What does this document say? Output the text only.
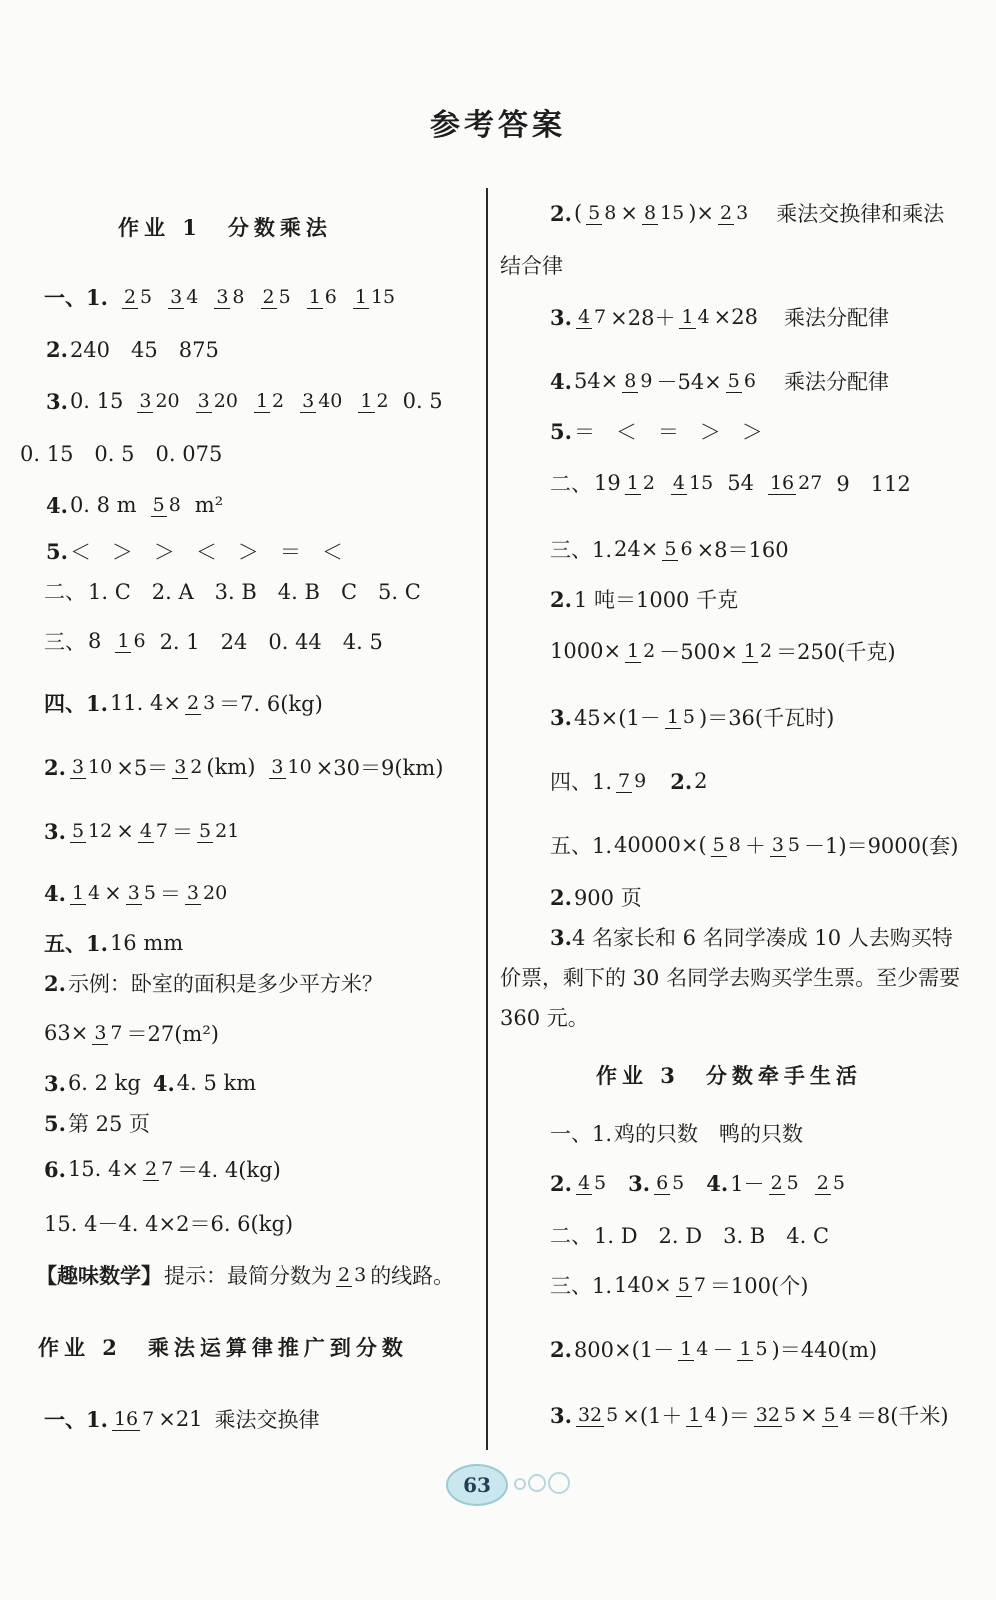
参考答案
作业 1　分数乘法
一、1. 2 5 3 4 3 8 2 5 1 6 1 15
2. 240　45　875
3. 0. 15 3 20 3 20 1 2 3 40 1 2 0. 5
0. 15　0. 5　0. 075
4. 0. 8 m 5 8 m²
5. ＜　＞　＞　＜　＞　＝　＜
二、 1. C　2. A　3. B　4. B　C　5. C
三、 8 1 6 2. 1　24　0. 44　4. 5
四、1. 11. 4× 2 3 ＝7. 6(kg)
2. 3 10 ×5＝ 3 2 (km) 3 10 ×30＝9(km)
3. 5 12 × 4 7 ＝ 5 21
4. 1 4 × 3 5 ＝ 3 20
五、1. 16 mm
2. 示例：卧室的面积是多少平方米？
63× 3 7 ＝27(m²)
3. 6. 2 kg 4. 4. 5 km
5. 第 25 页
6. 15. 4× 2 7 ＝4. 4(kg)
15. 4－4. 4×2＝6. 6(kg)
【趣味数学】 提示：最简分数为 2 3 的线路。
作业 2　乘法运算律推广到分数
一、1. 16 7 ×21 乘法交换律
2. ( 5 8 × 8 15 )× 2 3 乘法交换律和乘法
结合律
3. 4 7 ×28＋ 1 4 ×28 乘法分配律
4. 54× 8 9 －54× 5 6 乘法分配律
5. ＝　＜　＝　＞　＞
二、 19 1 2 4 15 54 16 27 9　112
三、1. 24× 5 6 ×8＝160
2. 1 吨＝1000 千克
1000× 1 2 －500× 1 2 ＝250(千克)
3. 45×(1－ 1 5 )＝36(千瓦时)
四、1. 7 9 2. 2
五、1. 40000×( 5 8 ＋ 3 5 －1)＝9000(套)
2. 900 页
3.4 名家长和 6 名同学凑成 10 人去购买特价票，剩下的 30 名同学去购买学生票。至少需要 360 元。
作业 3　分数牵手生活
一、1. 鸡的只数　鸭的只数
2. 4 5 3. 6 5 4. 1－ 2 5 2 5
二、 1. D　2. D　3. B　4. C
三、1. 140× 5 7 ＝100(个)
2. 800×(1－ 1 4 － 1 5 )＝440(m)
3. 32 5 ×(1＋ 1 4 )＝ 32 5 × 5 4 ＝8(千米)
63
